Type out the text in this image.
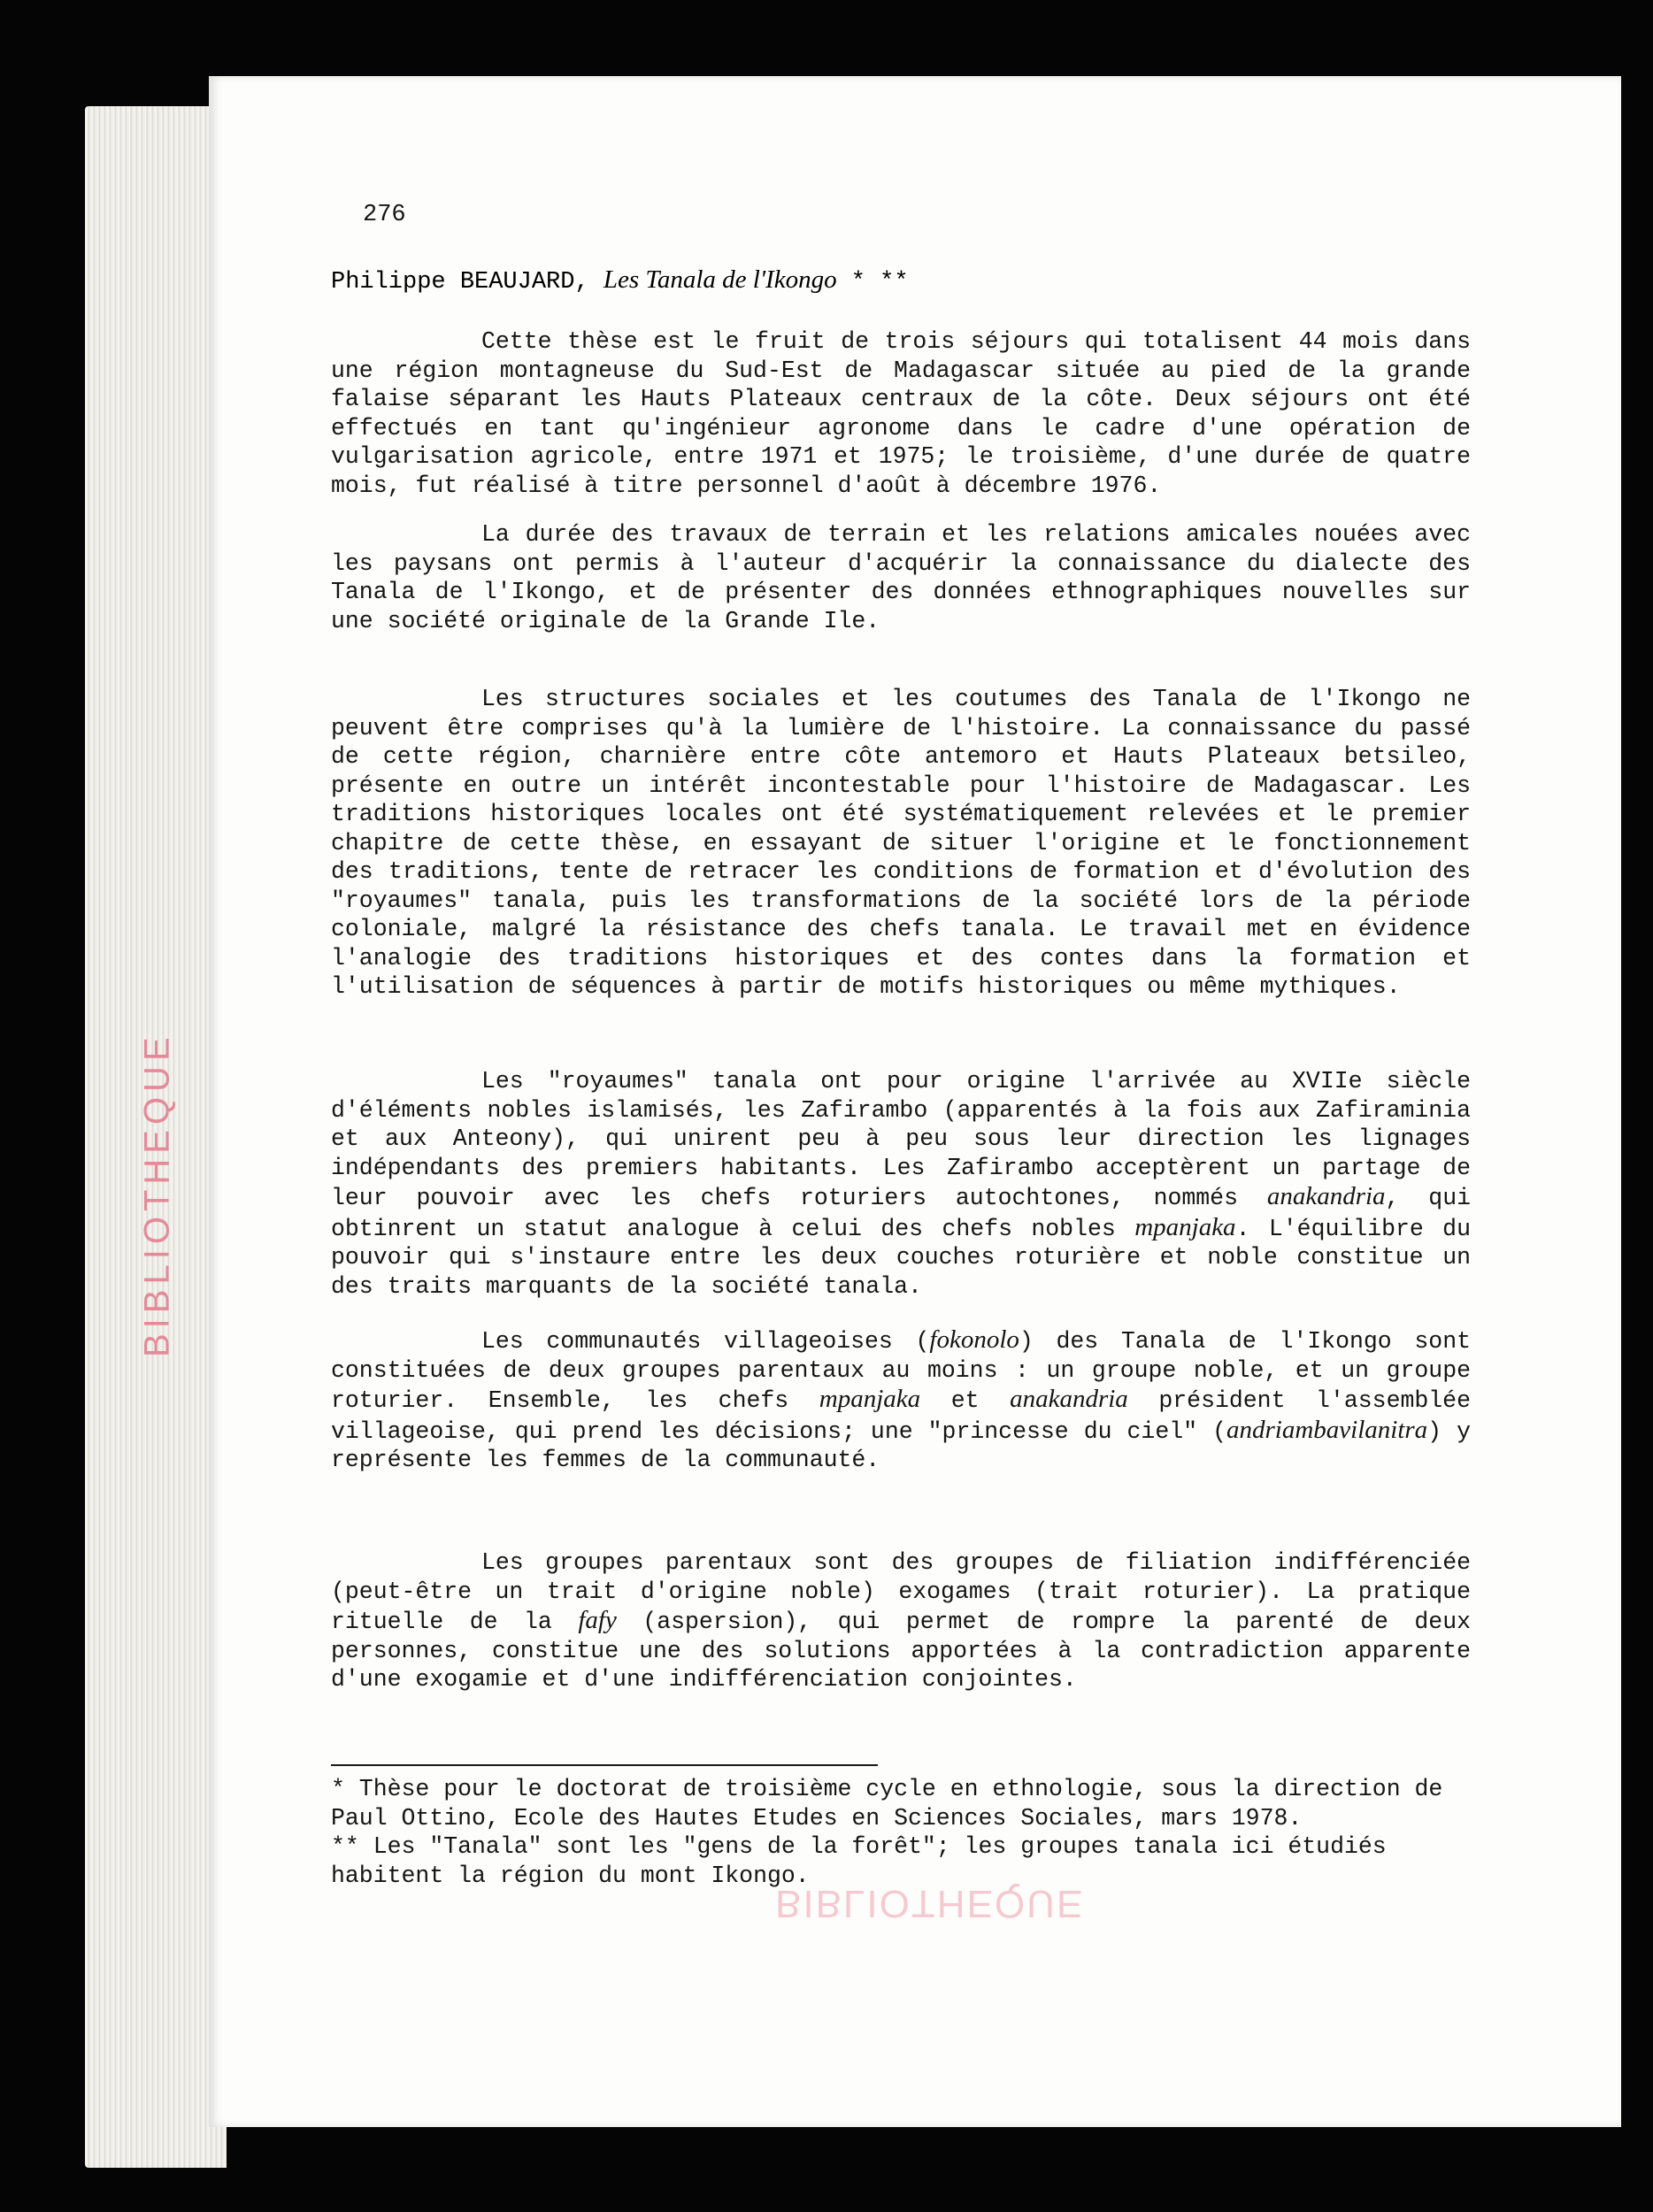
BIBLIOTHEQUE
276
Philippe BEAUJARD, Les Tanala de l'Ikongo * **

Cette thèse est le fruit de trois séjours qui totalisent 44 mois dans une région montagneuse du Sud-Est de Madagascar située au pied de la grande falaise séparant les Hauts Plateaux centraux de la côte. Deux séjours ont été effectués en tant qu'ingénieur agronome dans le cadre d'une opération de vulgarisation agricole, entre 1971 et 1975; le troisième, d'une durée de quatre mois, fut réalisé à titre personnel d'août à décembre 1976.

La durée des travaux de terrain et les relations amicales nouées avec les paysans ont permis à l'auteur d'acquérir la connaissance du dialecte des Tanala de l'Ikongo, et de présenter des données ethnographiques nouvelles sur une société originale de la Grande Ile.

Les structures sociales et les coutumes des Tanala de l'Ikongo ne peuvent être comprises qu'à la lumière de l'histoire. La connaissance du passé de cette région, charnière entre côte antemoro et Hauts Plateaux betsileo, présente en outre un intérêt incontestable pour l'histoire de Madagascar. Les traditions historiques locales ont été systématiquement relevées et le premier chapitre de cette thèse, en essayant de situer l'origine et le fonctionnement des traditions, tente de retracer les conditions de formation et d'évolution des "royaumes" tanala, puis les transformations de la société lors de la période coloniale, malgré la résistance des chefs tanala. Le travail met en évidence l'analogie des traditions historiques et des contes dans la formation et l'utilisation de séquences à partir de motifs historiques ou même mythiques.

Les "royaumes" tanala ont pour origine l'arrivée au XVIIe siècle d'éléments nobles islamisés, les Zafirambo (apparentés à la fois aux Zafiraminia et aux Anteony), qui unirent peu à peu sous leur direction les lignages indépendants des premiers habitants. Les Zafirambo acceptèrent un partage de leur pouvoir avec les chefs roturiers autochtones, nommés anakandria, qui obtinrent un statut analogue à celui des chefs nobles mpanjaka. L'équilibre du pouvoir qui s'instaure entre les deux couches roturière et noble constitue un des traits marquants de la société tanala.

Les communautés villageoises (fokonolo) des Tanala de l'Ikongo sont constituées de deux groupes parentaux au moins : un groupe noble, et un groupe roturier. Ensemble, les chefs mpanjaka et anakandria président l'assemblée villageoise, qui prend les décisions; une "princesse du ciel" (andriambavilanitra) y représente les femmes de la communauté.

Les groupes parentaux sont des groupes de filiation indifférenciée (peut-être un trait d'origine noble) exogames (trait roturier). La pratique rituelle de la fafy (aspersion), qui permet de rompre la parenté de deux personnes, constitue une des solutions apportées à la contradiction apparente d'une exogamie et d'une indifférenciation conjointes.

* Thèse pour le doctorat de troisième cycle en ethnologie, sous la direction de Paul Ottino, Ecole des Hautes Etudes en Sciences Sociales, mars 1978.

** Les "Tanala" sont les "gens de la forêt"; les groupes tanala ici étudiés habitent la région du mont Ikongo.

BIBLIOTHEQUE
